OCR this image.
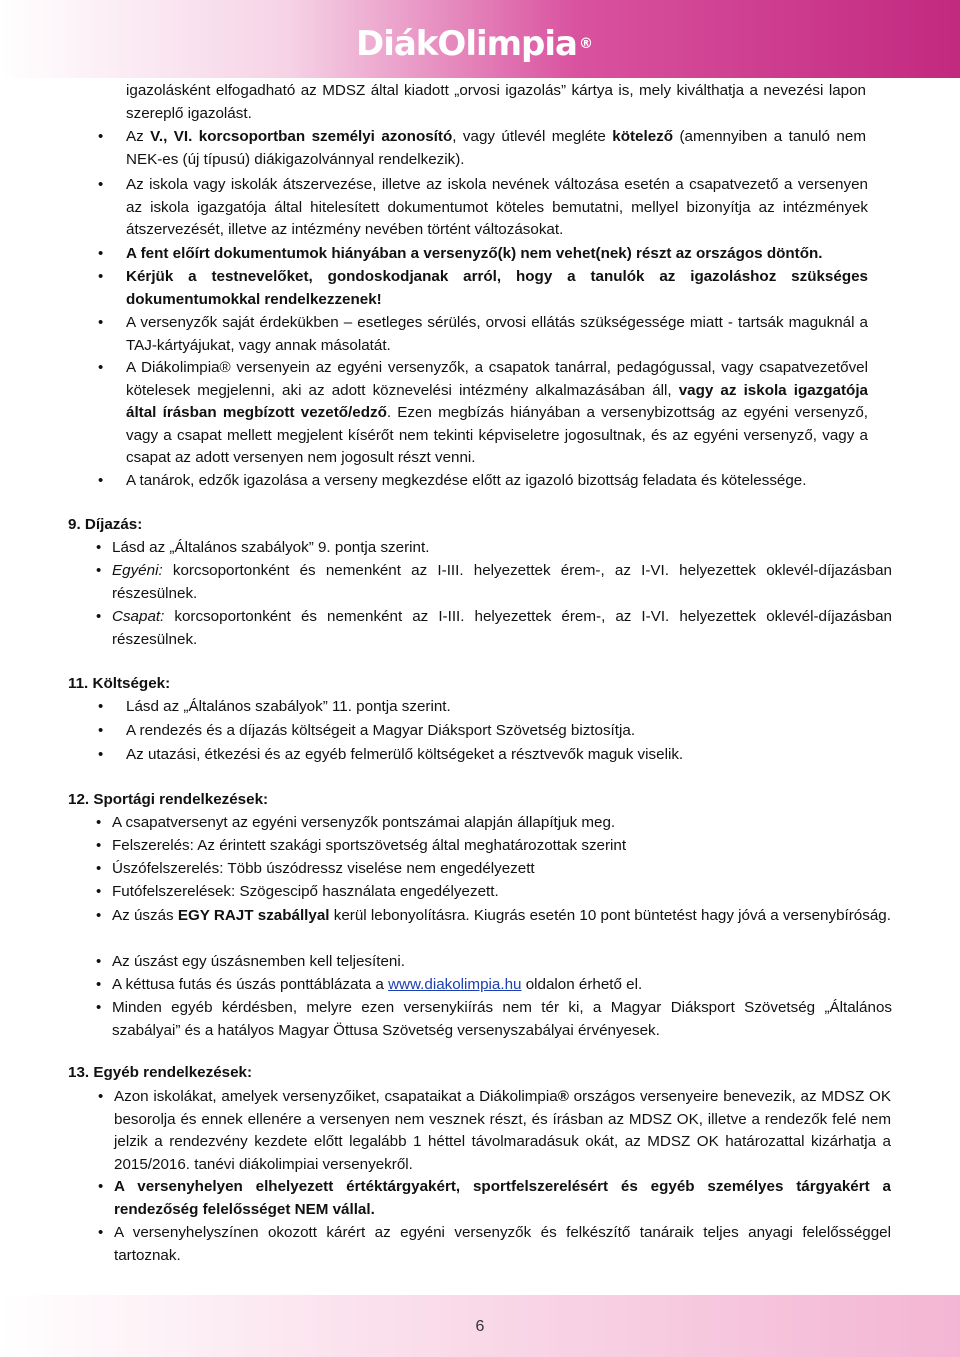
DiákOlimpia ®

igazolásként elfogadható az MDSZ által kiadott „orvosi igazolás” kártya is, mely kiválthatja a nevezési lapon szereplő igazolást.

• Az V., VI. korcsoportban személyi azonosító, vagy útlevél megléte kötelező (amennyiben a tanuló nem NEK-es (új típusú) diákigazolvánnyal rendelkezik).

• Az iskola vagy iskolák átszervezése, illetve az iskola nevének változása esetén a csapatvezető a versenyen az iskola igazgatója által hitelesített dokumentumot köteles bemutatni, mellyel bizonyítja az intézmények átszervezését, illetve az intézmény nevében történt változásokat.

• A fent előírt dokumentumok hiányában a versenyző(k) nem vehet(nek) részt az országos döntőn.

• Kérjük a testnevelőket, gondoskodjanak arról, hogy a tanulók az igazoláshoz szükséges dokumentumokkal rendelkezzenek!

• A versenyzők saját érdekükben – esetleges sérülés, orvosi ellátás szükségessége miatt - tartsák maguknál a TAJ-kártyájukat, vagy annak másolatát.

• A Diákolimpia® versenyein az egyéni versenyzők, a csapatok tanárral, pedagógussal, vagy csapatvezetővel kötelesek megjelenni, aki az adott köznevelési intézmény alkalmazásában áll, vagy az iskola igazgatója által írásban megbízott vezető/edző. Ezen megbízás hiányában a versenybizottság az egyéni versenyző, vagy a csapat mellett megjelent kísérőt nem tekinti képviseletre jogosultnak, és az egyéni versenyző, vagy a csapat az adott versenyen nem jogosult részt venni.

• A tanárok, edzők igazolása a verseny megkezdése előtt az igazoló bizottság feladata és kötelessége.

9. Díjazás:

• Lásd az „Általános szabályok” 9. pontja szerint.

• Egyéni: korcsoportonként és nemenként az I-III. helyezettek érem-, az I-VI. helyezettek oklevél-díjazásban részesülnek.

• Csapat: korcsoportonként és nemenként az I-III. helyezettek érem-, az I-VI. helyezettek oklevél-díjazásban részesülnek.

11. Költségek:

• Lásd az „Általános szabályok” 11. pontja szerint.

• A rendezés és a díjazás költségeit a Magyar Diáksport Szövetség biztosítja.

• Az utazási, étkezési és az egyéb felmerülő költségeket a résztvevők maguk viselik.

12. Sportági rendelkezések:

• A csapatversenyt az egyéni versenyzők pontszámai alapján állapítjuk meg.

• Felszerelés: Az érintett szakági sportszövetség által meghatározottak szerint

• Úszófelszerelés: Több úszódressz viselése nem engedélyezett

• Futófelszerelések: Szögescipő használata engedélyezett.

• Az úszás EGY RAJT szabállyal kerül lebonyolításra. Kiugrás esetén 10 pont büntetést hagy jóvá a versenybíróság.

• Az úszást egy úszásnemben kell teljesíteni.

• A kéttusa futás és úszás ponttáblázata a www.diakolimpia.hu oldalon érhető el.

• Minden egyéb kérdésben, melyre ezen versenykiírás nem tér ki, a Magyar Diáksport Szövetség „Általános szabályai” és a hatályos Magyar Öttusa Szövetség versenyszabályai érvényesek.

13. Egyéb rendelkezések:

• Azon iskolákat, amelyek versenyzőiket, csapataikat a Diákolimpia® országos versenyeire benevezik, az MDSZ OK besorolja és ennek ellenére a versenyen nem vesznek részt, és írásban az MDSZ OK, illetve a rendezők felé nem jelzik a rendezvény kezdete előtt legalább 1 héttel távolmaradásuk okát, az MDSZ OK határozattal kizárhatja a 2015/2016. tanévi diákolimpiai versenyekről.

• A versenyhelyen elhelyezett értéktárgyakért, sportfelszerelésért és egyéb személyes tárgyakért a rendezőség felelősséget NEM vállal.

• A versenyhelyszínen okozott kárért az egyéni versenyzők és felkészítő tanáraik teljes anyagi felelősséggel tartoznak.

6
